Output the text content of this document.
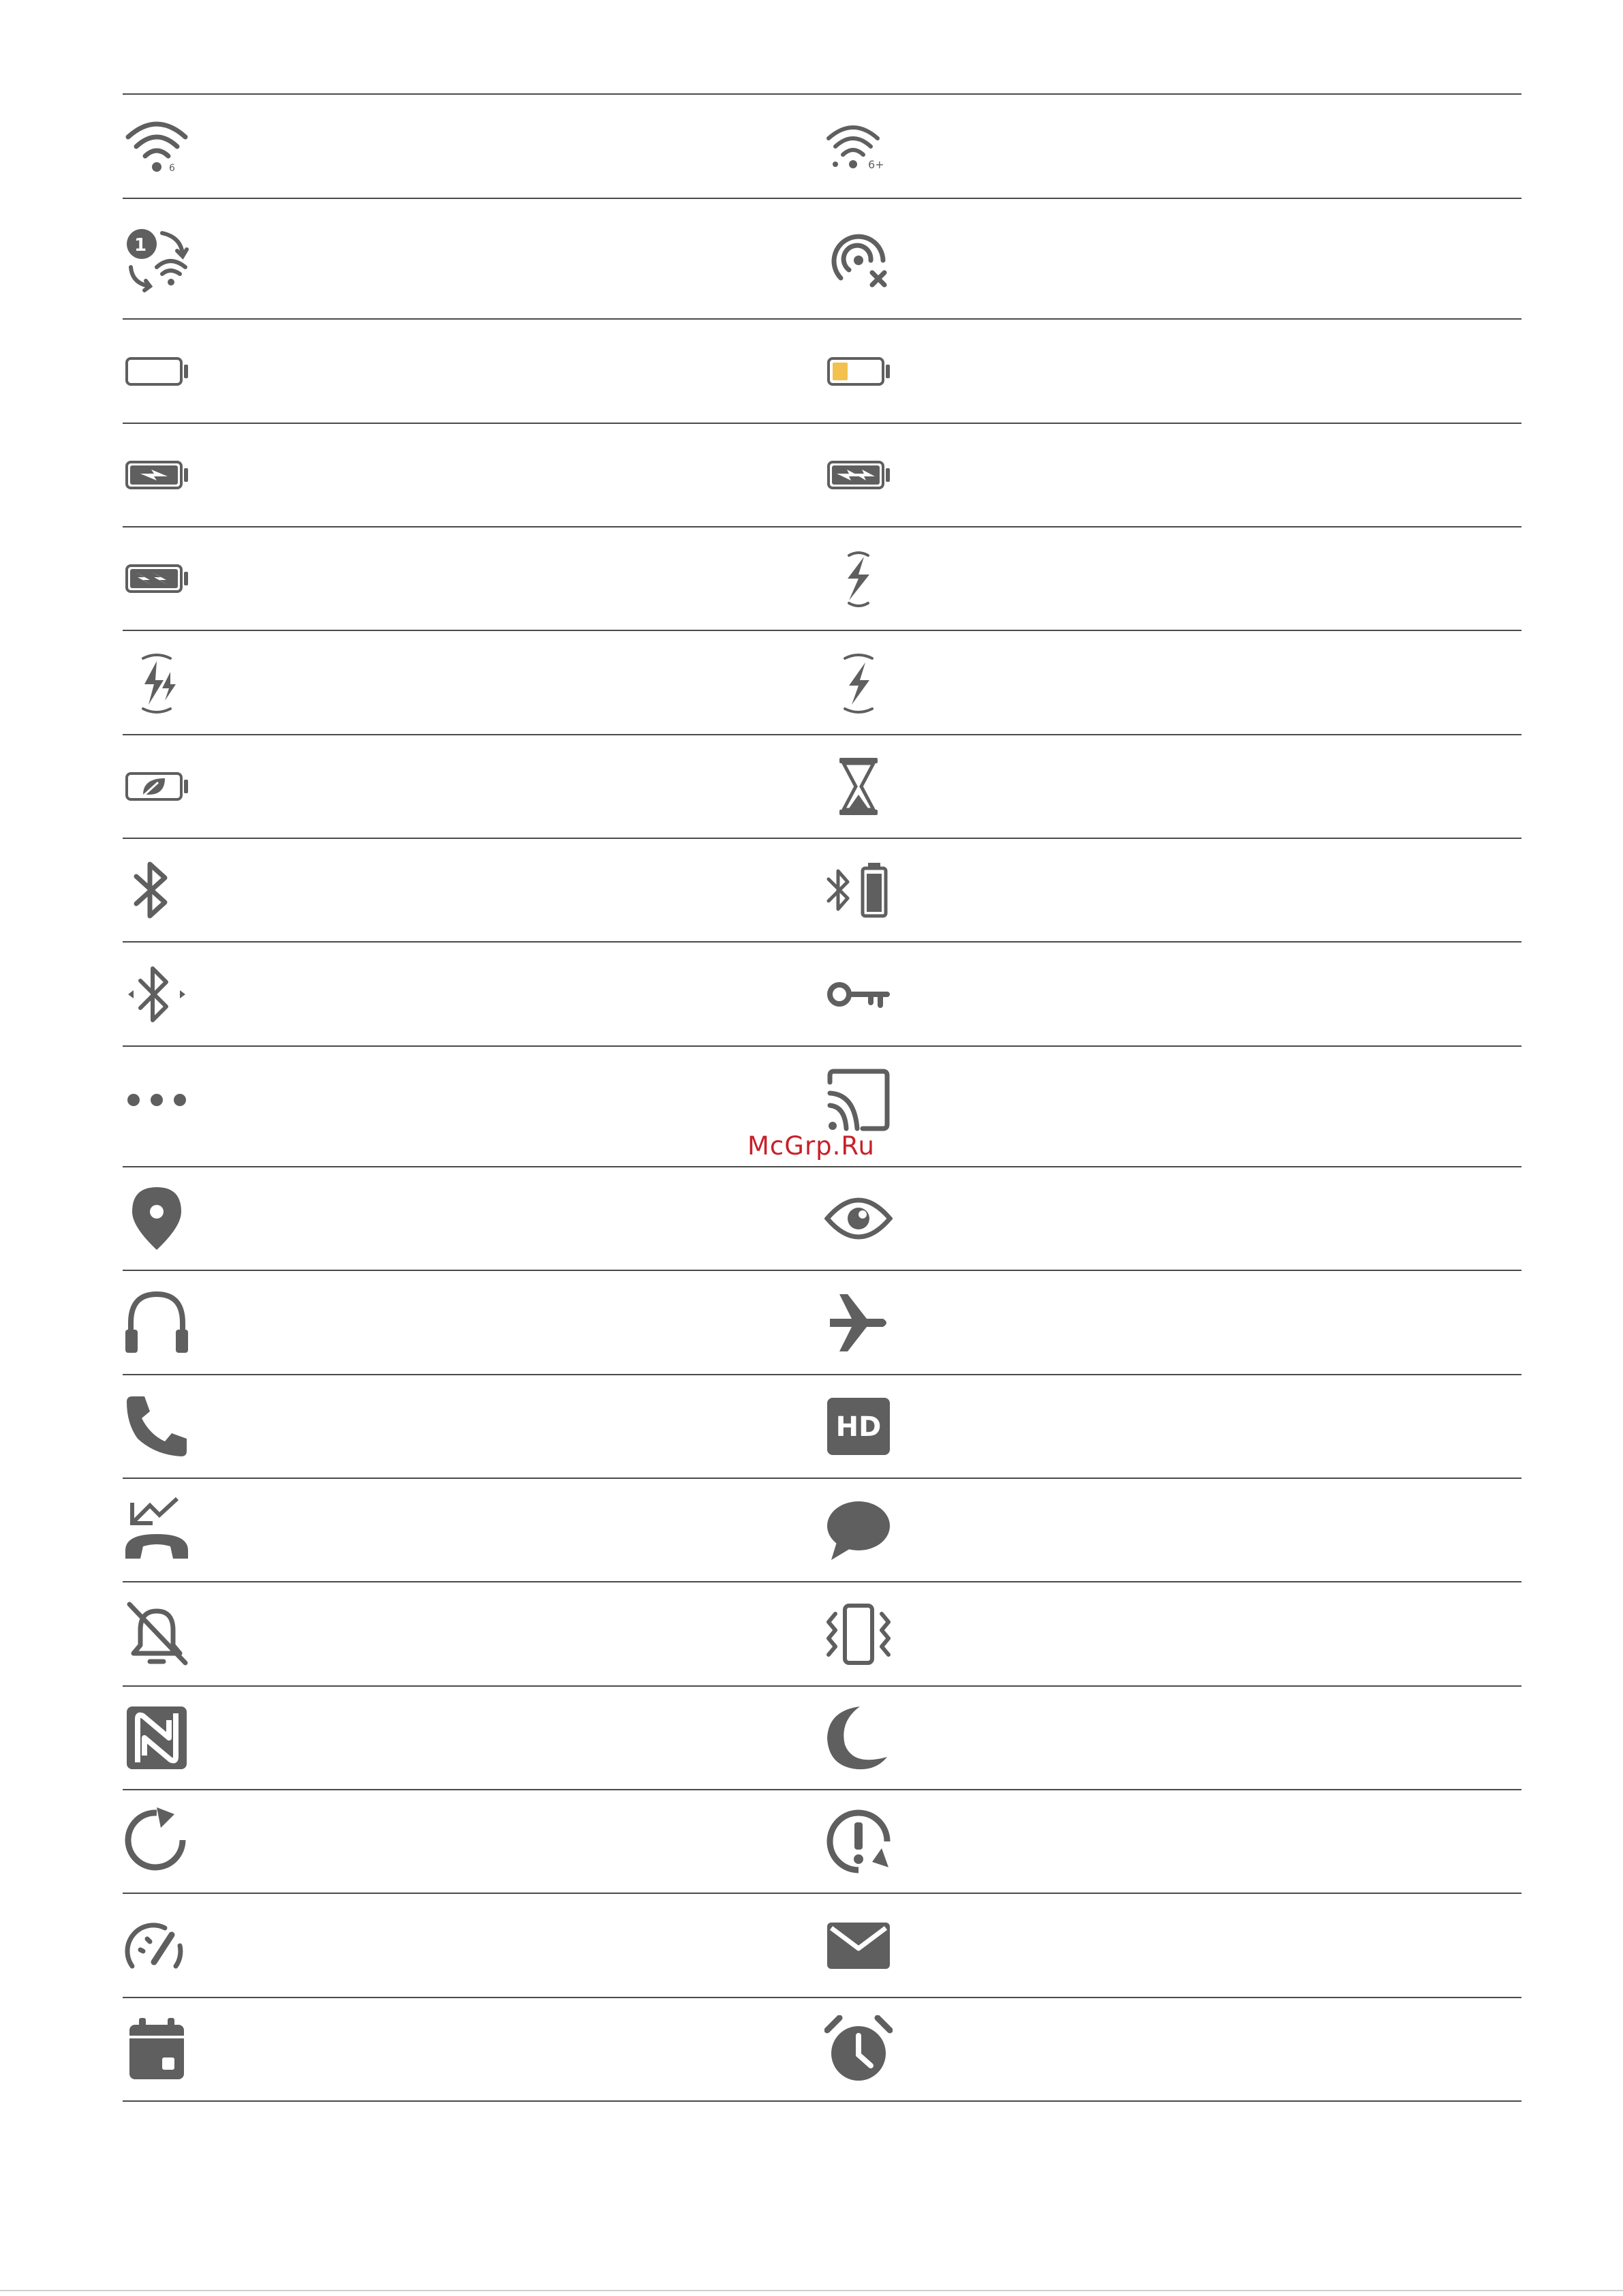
6	6+
1
HD
McGrp.Ru
